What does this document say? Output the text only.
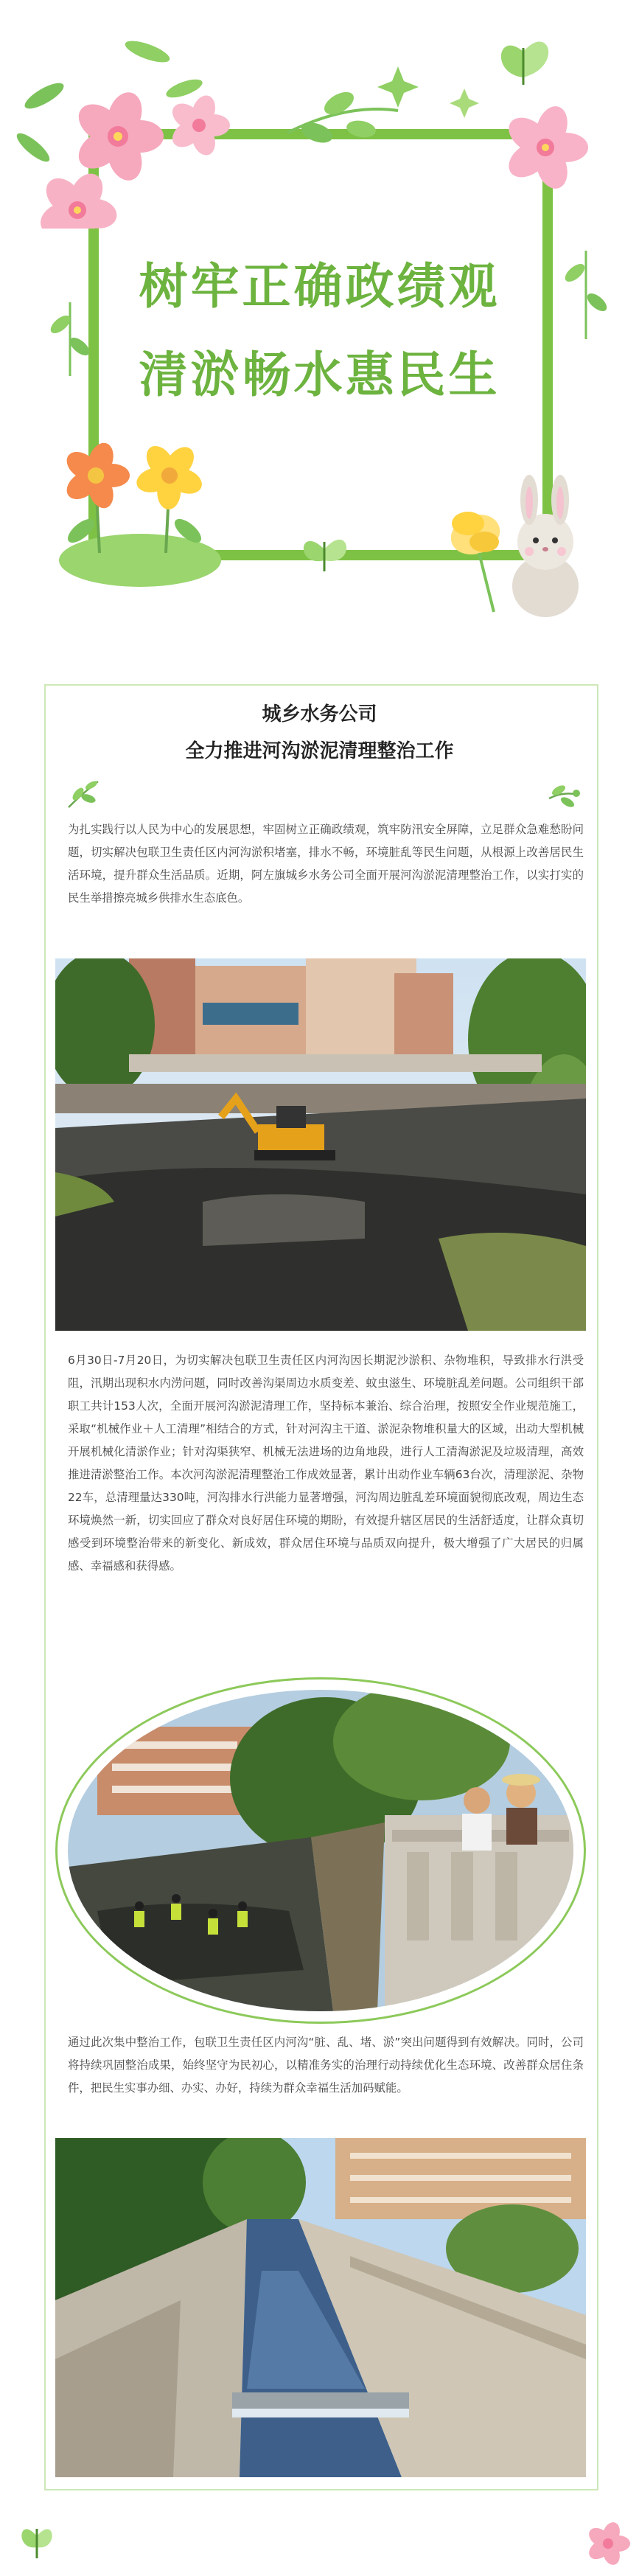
树牢正确政绩观
清淤畅水惠民生
城乡水务公司
全力推进河沟淤泥清理整治工作

为扎实践行以人民为中心的发展思想，牢固树立正确政绩观，筑牢防汛安全屏障，立足群众急难愁盼问题，切实解决包联卫生责任区内河沟淤积堵塞，排水不畅，环境脏乱等民生问题，从根源上改善居民生活环境，提升群众生活品质。近期，阿左旗城乡水务公司全面开展河沟淤泥清理整治工作，以实打实的民生举措擦亮城乡供排水生态底色。

6月30日-7月20日，为切实解决包联卫生责任区内河沟因长期泥沙淤积、杂物堆积，导致排水行洪受阻，汛期出现积水内涝问题，同时改善沟渠周边水质变差、蚊虫滋生、环境脏乱差问题。公司组织干部职工共计153人次，全面开展河沟淤泥清理工作，坚持标本兼治、综合治理，按照安全作业规范施工，采取“机械作业＋人工清理”相结合的方式，针对河沟主干道、淤泥杂物堆积量大的区域，出动大型机械开展机械化清淤作业；针对沟渠狭窄、机械无法进场的边角地段，进行人工清淘淤泥及垃圾清理，高效推进清淤整治工作。本次河沟淤泥清理整治工作成效显著，累计出动作业车辆63台次，清理淤泥、杂物22车，总清理量达330吨，河沟排水行洪能力显著增强，河沟周边脏乱差环境面貌彻底改观，周边生态环境焕然一新，切实回应了群众对良好居住环境的期盼，有效提升辖区居民的生活舒适度，让群众真切感受到环境整治带来的新变化、新成效，群众居住环境与品质双向提升，极大增强了广大居民的归属感、幸福感和获得感。

通过此次集中整治工作，包联卫生责任区内河沟“脏、乱、堵、淤”突出问题得到有效解决。同时，公司将持续巩固整治成果，始终坚守为民初心，以精准务实的治理行动持续优化生态环境、改善群众居住条件，把民生实事办细、办实、办好，持续为群众幸福生活加码赋能。
